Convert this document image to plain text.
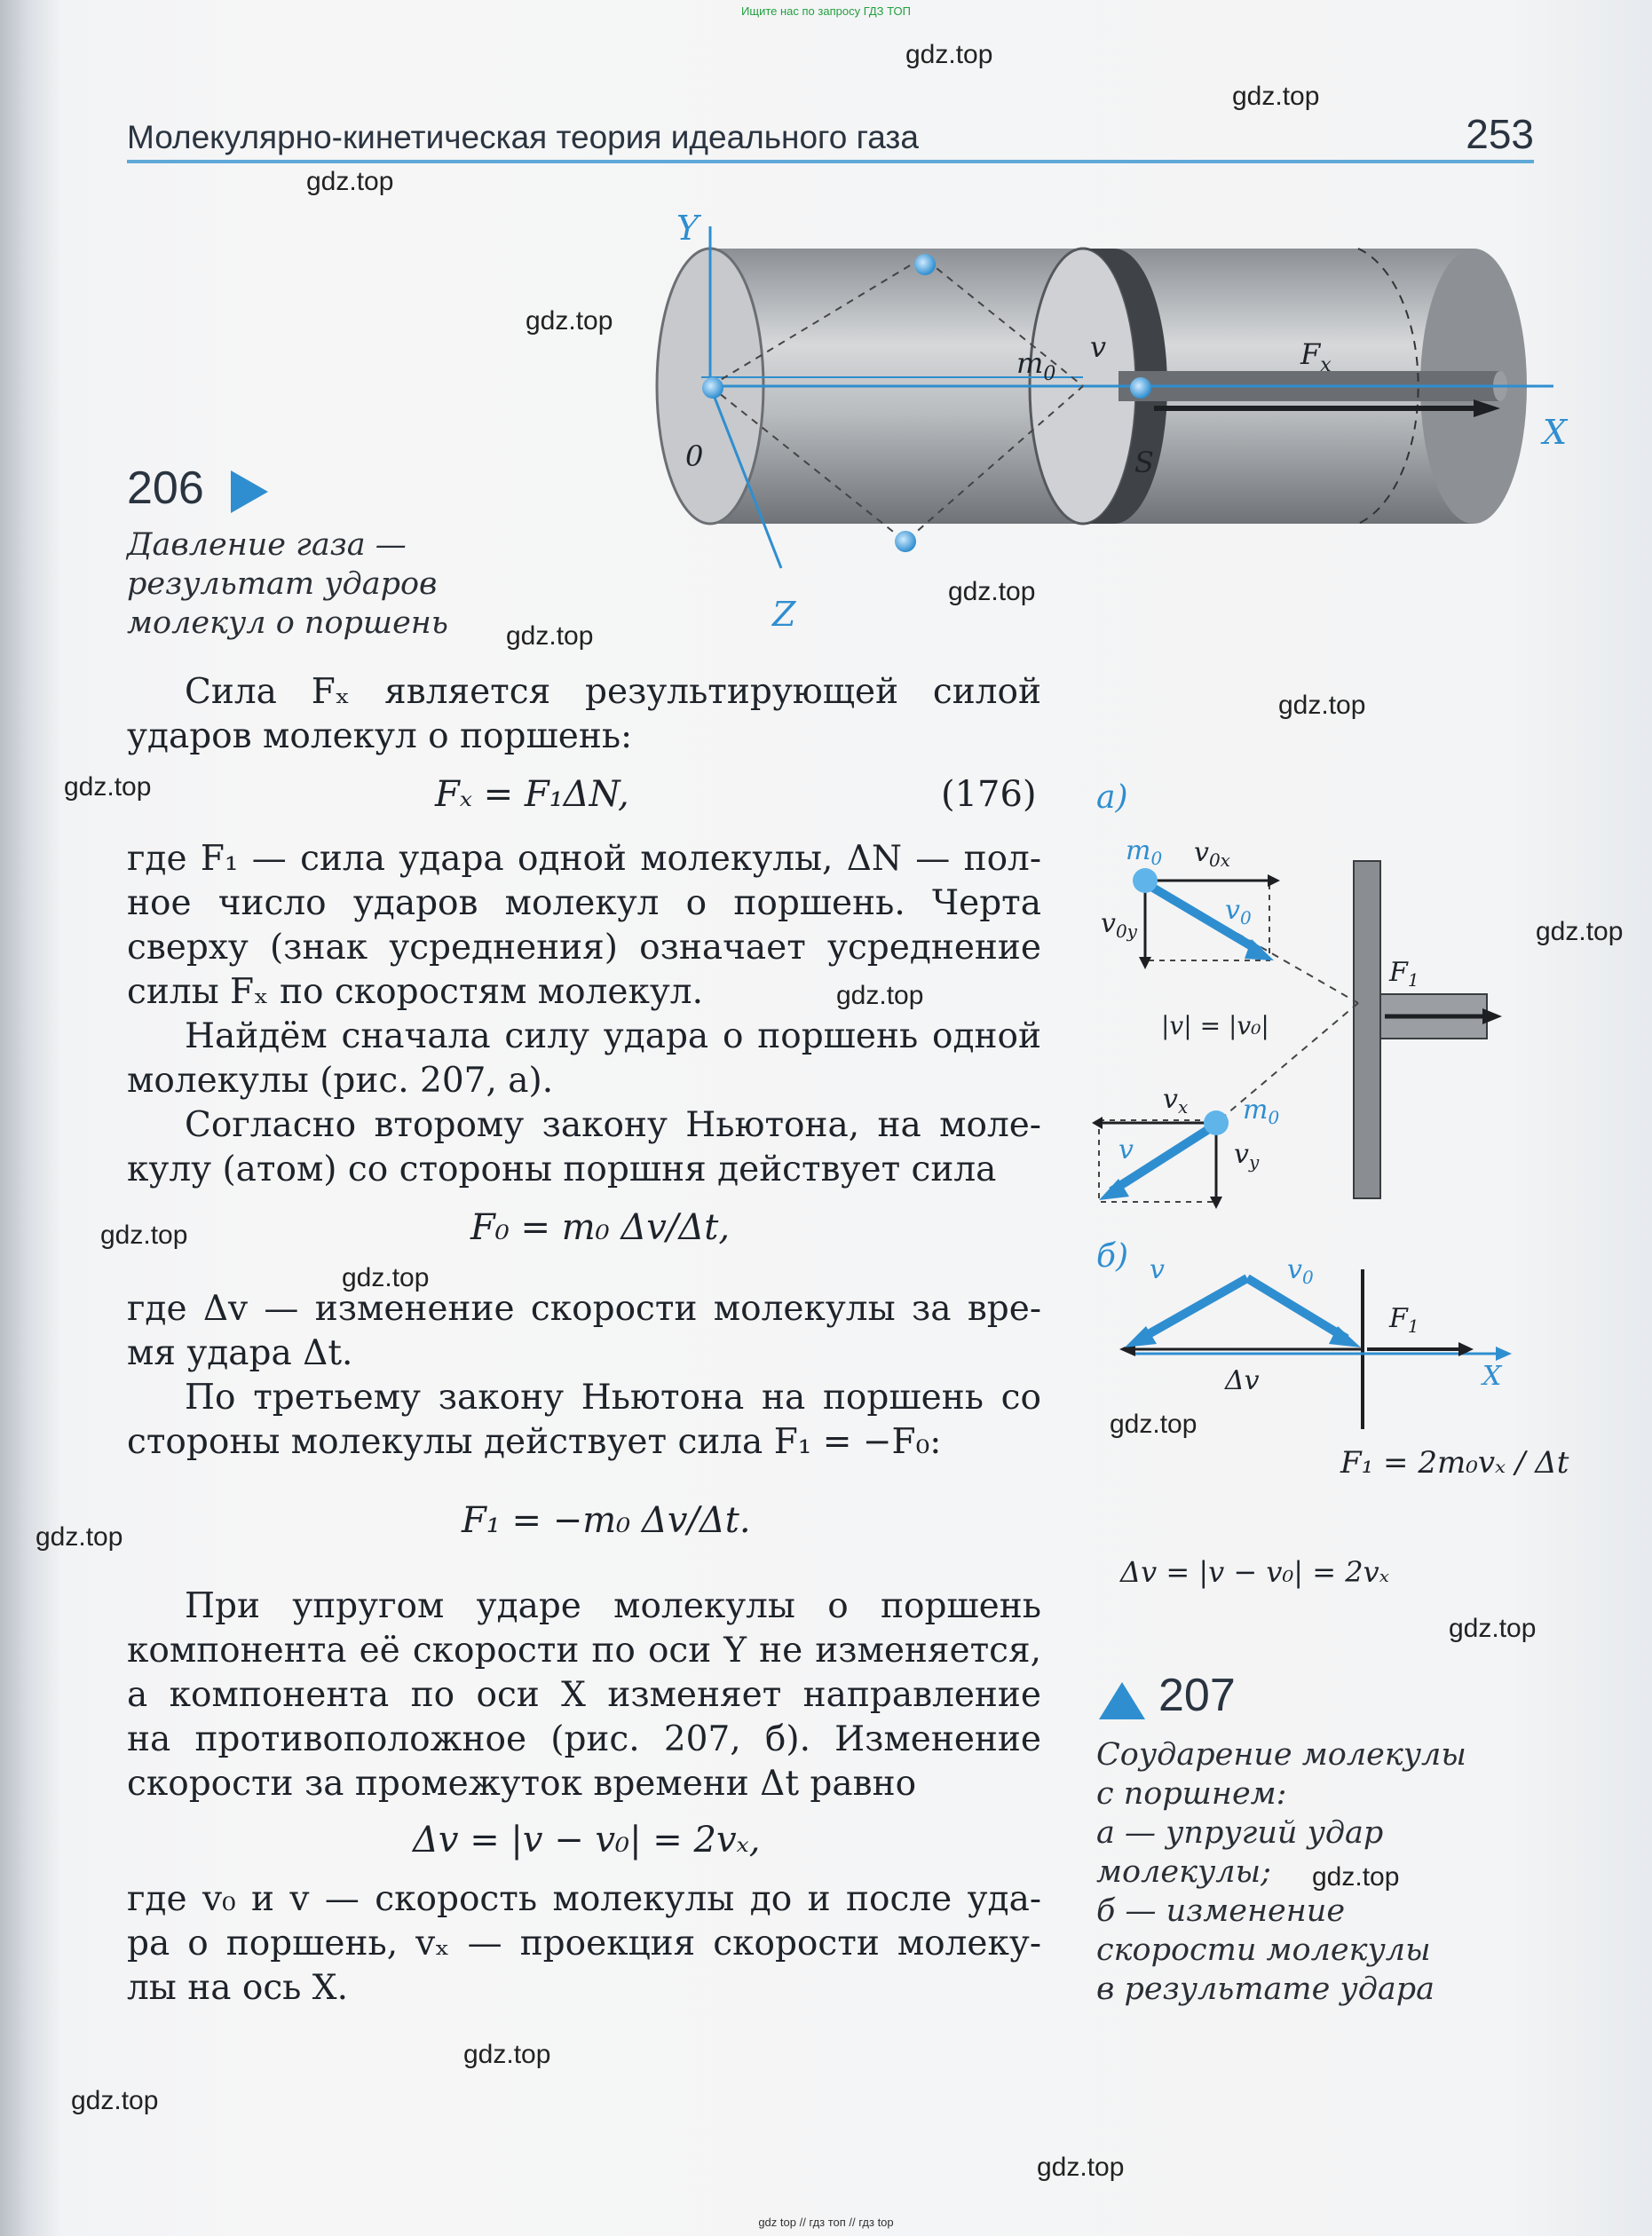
Ищите нас по запросу ГДЗ ТОП
Молекулярно-кинетическая теория идеального газа	253
Y
X
Z
0
$m_0$
v	$F_x$
S
206
Давление газа —
результат ударов
молекул о поршень
Сила Fₓ является результирующей силой
ударов молекул о поршень:
Fₓ = F₁ΔN,	(176)
где F₁ — сила удара одной молекулы, ΔN — пол-
ное число ударов молекул о поршень. Черта
сверху (знак усреднения) означает усреднение
силы Fₓ по скоростям молекул.
Найдём сначала силу удара о поршень одной
молекулы (рис. 207, а).
Согласно второму закону Ньютона, на моле-
кулу (атом) со стороны поршня действует сила
F₀ = m₀ Δv/Δt,
где Δv — изменение скорости молекулы за вре-
мя удара Δt.
По третьему закону Ньютона на поршень со
стороны молекулы действует сила F₁ = −F₀:
F₁ = −m₀ Δv/Δt.
При упругом ударе молекулы о поршень
компонента её скорости по оси Y не изменяется,
а компонента по оси X изменяет направление
на противоположное (рис. 207, б). Изменение
скорости за промежуток времени Δt равно
Δv = |v − v₀| = 2vₓ,
где v₀ и v — скорость молекулы до и после уда-
ра о поршень, vₓ — проекция скорости молеку-
лы на ось X.
а)
$m_0$ $v_{0x}$
$v_0$
$v_{0y}$
$F_1$
|v| = |v₀|
$v_x$ $m_0$
$v_y$
v
б) v	$v_0$
$F_1$
Δv	X
F₁ = 2m₀vₓ / Δt
Δv = |v − v₀| = 2vₓ
207
Соударение молекулы
с поршнем:
а — упругий удар
молекулы;
б — изменение
скорости молекулы
в результате удара
gdz.top
gdz.top
gdz.top
gdz.top
gdz.top
gdz.top
gdz.top
gdz.top
gdz.top
gdz.top
gdz.top
gdz.top
gdz.top
gdz.top
gdz.top
gdz.top
gdz.top
gdz.top
gdz.top
gdz top // гдз топ // гдз top
